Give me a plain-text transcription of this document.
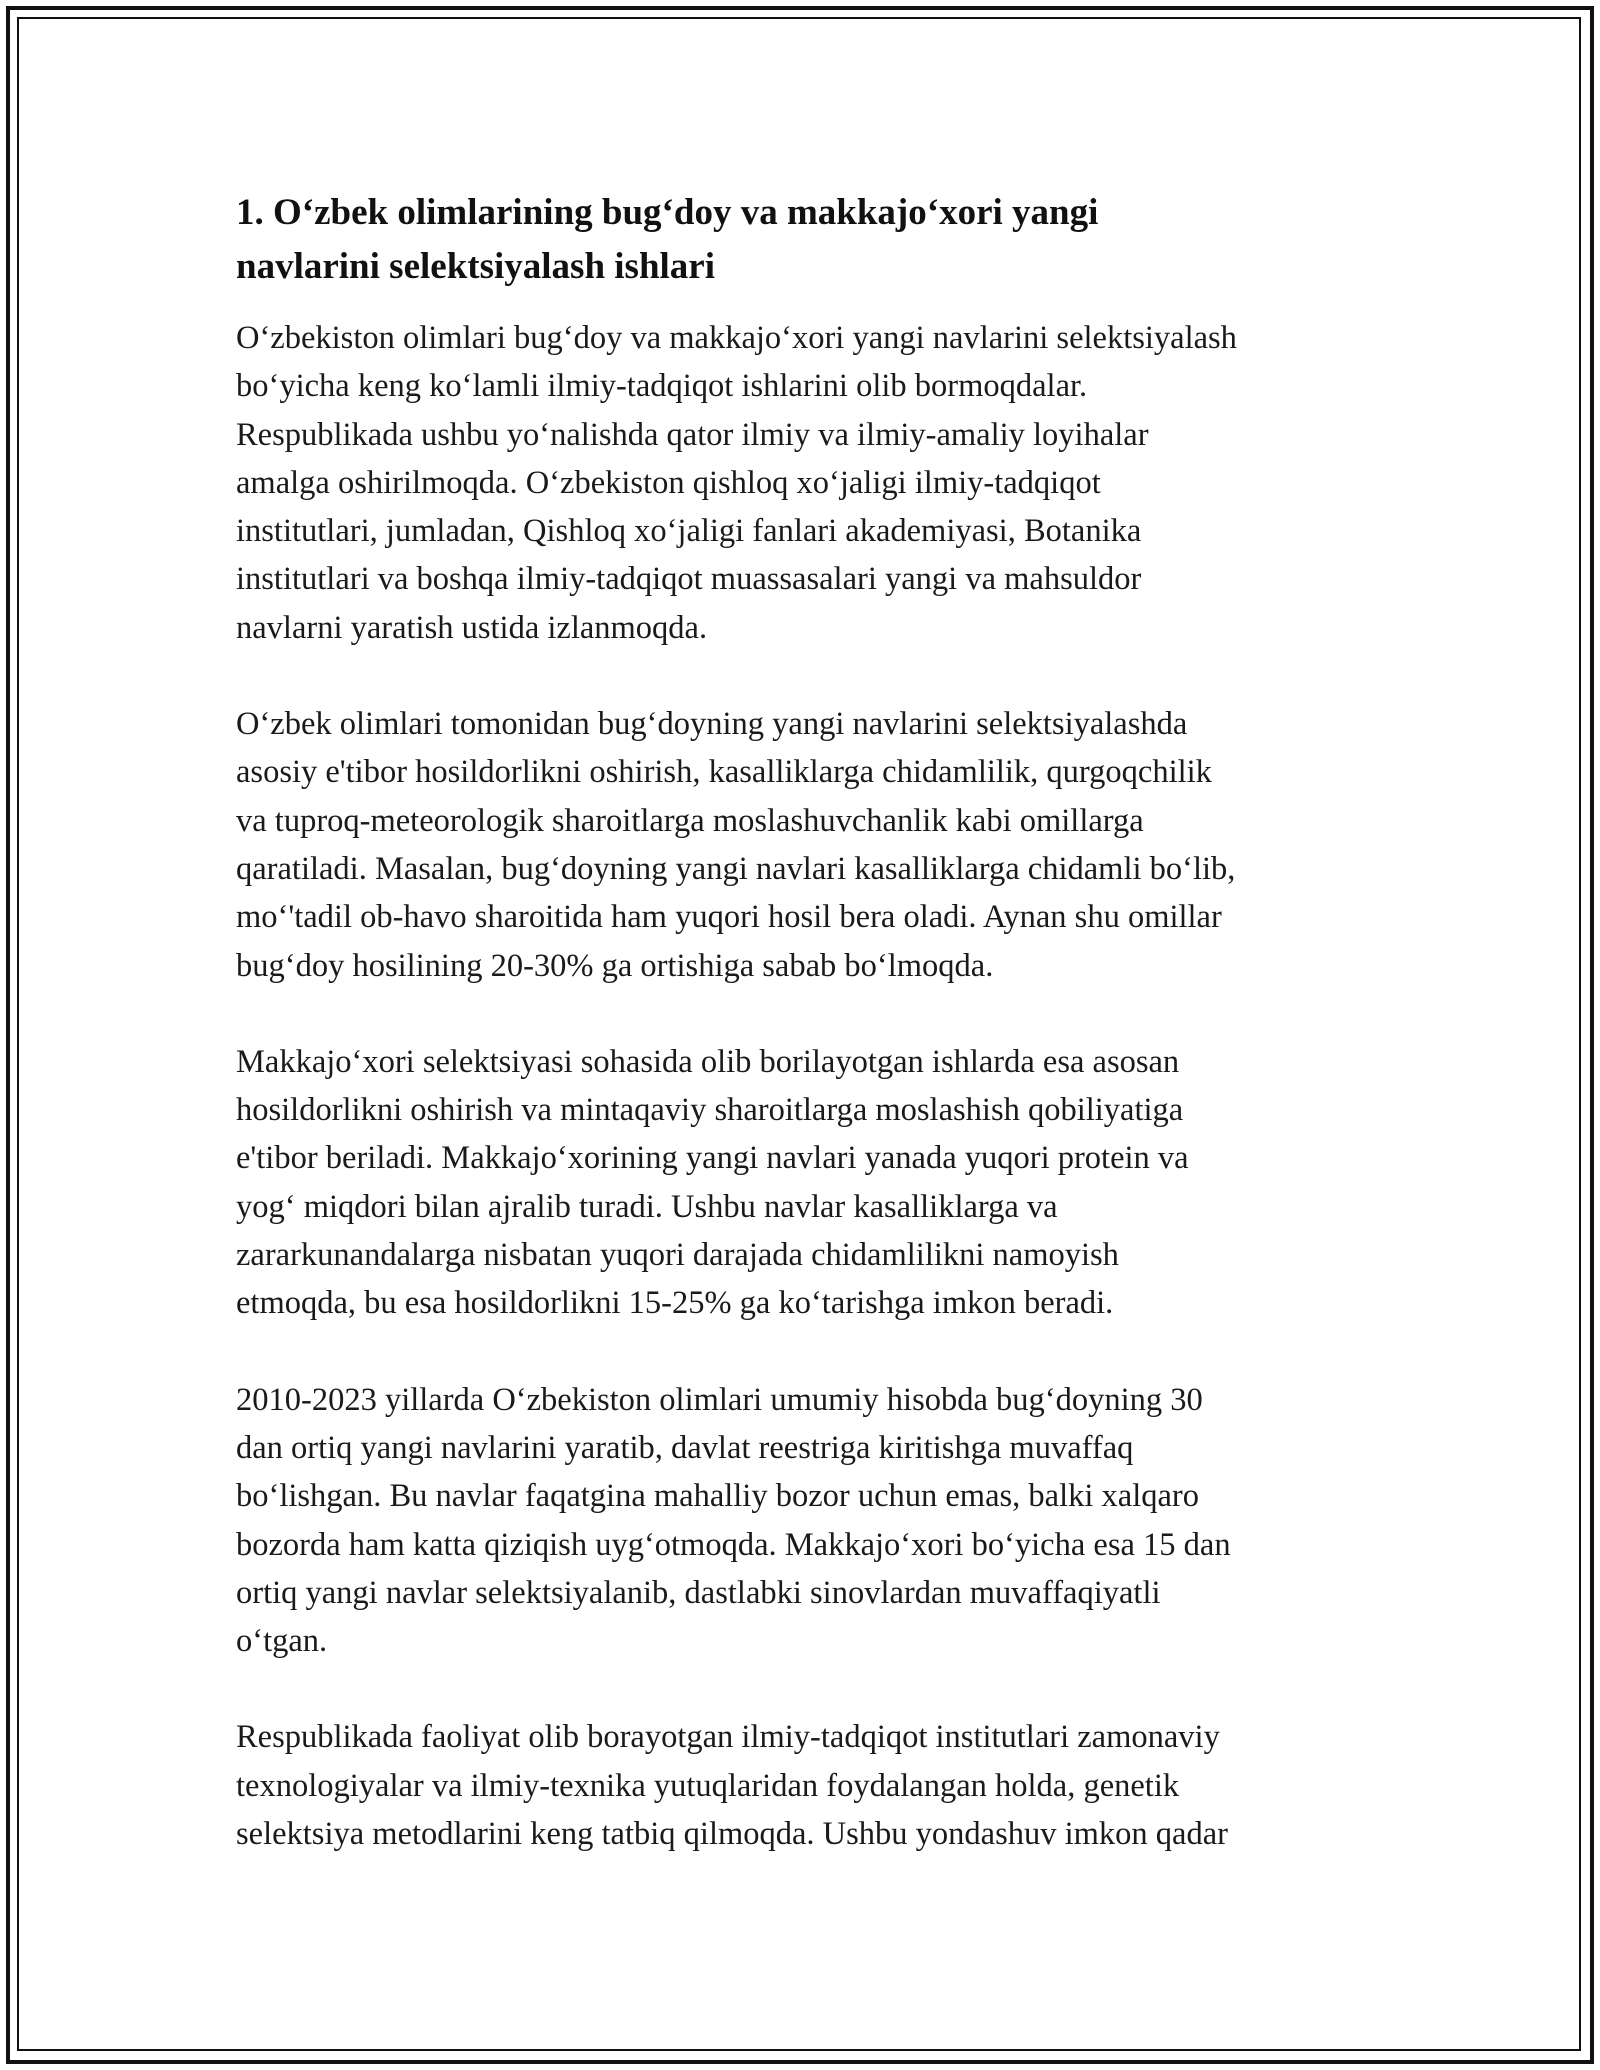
1. O‘zbek olimlarining bug‘doy va makkajo‘xori yangi
navlarini selektsiyalash ishlari

O‘zbekiston olimlari bug‘doy va makkajo‘xori yangi navlarini selektsiyalash
bo‘yicha keng ko‘lamli ilmiy-tadqiqot ishlarini olib bormoqdalar.
Respublikada ushbu yo‘nalishda qator ilmiy va ilmiy-amaliy loyihalar
amalga oshirilmoqda. O‘zbekiston qishloq xo‘jaligi ilmiy-tadqiqot
institutlari, jumladan, Qishloq xo‘jaligi fanlari akademiyasi, Botanika
institutlari va boshqa ilmiy-tadqiqot muassasalari yangi va mahsuldor
navlarni yaratish ustida izlanmoqda.

O‘zbek olimlari tomonidan bug‘doyning yangi navlarini selektsiyalashda
asosiy e'tibor hosildorlikni oshirish, kasalliklarga chidamlilik, qurgoqchilik
va tuproq-meteorologik sharoitlarga moslashuvchanlik kabi omillarga
qaratiladi. Masalan, bug‘doyning yangi navlari kasalliklarga chidamli bo‘lib,
mo‘'tadil ob-havo sharoitida ham yuqori hosil bera oladi. Aynan shu omillar
bug‘doy hosilining 20-30% ga ortishiga sabab bo‘lmoqda.

Makkajo‘xori selektsiyasi sohasida olib borilayotgan ishlarda esa asosan
hosildorlikni oshirish va mintaqaviy sharoitlarga moslashish qobiliyatiga
e'tibor beriladi. Makkajo‘xorining yangi navlari yanada yuqori protein va
yog‘ miqdori bilan ajralib turadi. Ushbu navlar kasalliklarga va
zararkunandalarga nisbatan yuqori darajada chidamlilikni namoyish
etmoqda, bu esa hosildorlikni 15-25% ga ko‘tarishga imkon beradi.

2010-2023 yillarda O‘zbekiston olimlari umumiy hisobda bug‘doyning 30
dan ortiq yangi navlarini yaratib, davlat reestriga kiritishga muvaffaq
bo‘lishgan. Bu navlar faqatgina mahalliy bozor uchun emas, balki xalqaro
bozorda ham katta qiziqish uyg‘otmoqda. Makkajo‘xori bo‘yicha esa 15 dan
ortiq yangi navlar selektsiyalanib, dastlabki sinovlardan muvaffaqiyatli
o‘tgan.

Respublikada faoliyat olib borayotgan ilmiy-tadqiqot institutlari zamonaviy
texnologiyalar va ilmiy-texnika yutuqlaridan foydalangan holda, genetik
selektsiya metodlarini keng tatbiq qilmoqda. Ushbu yondashuv imkon qadar
